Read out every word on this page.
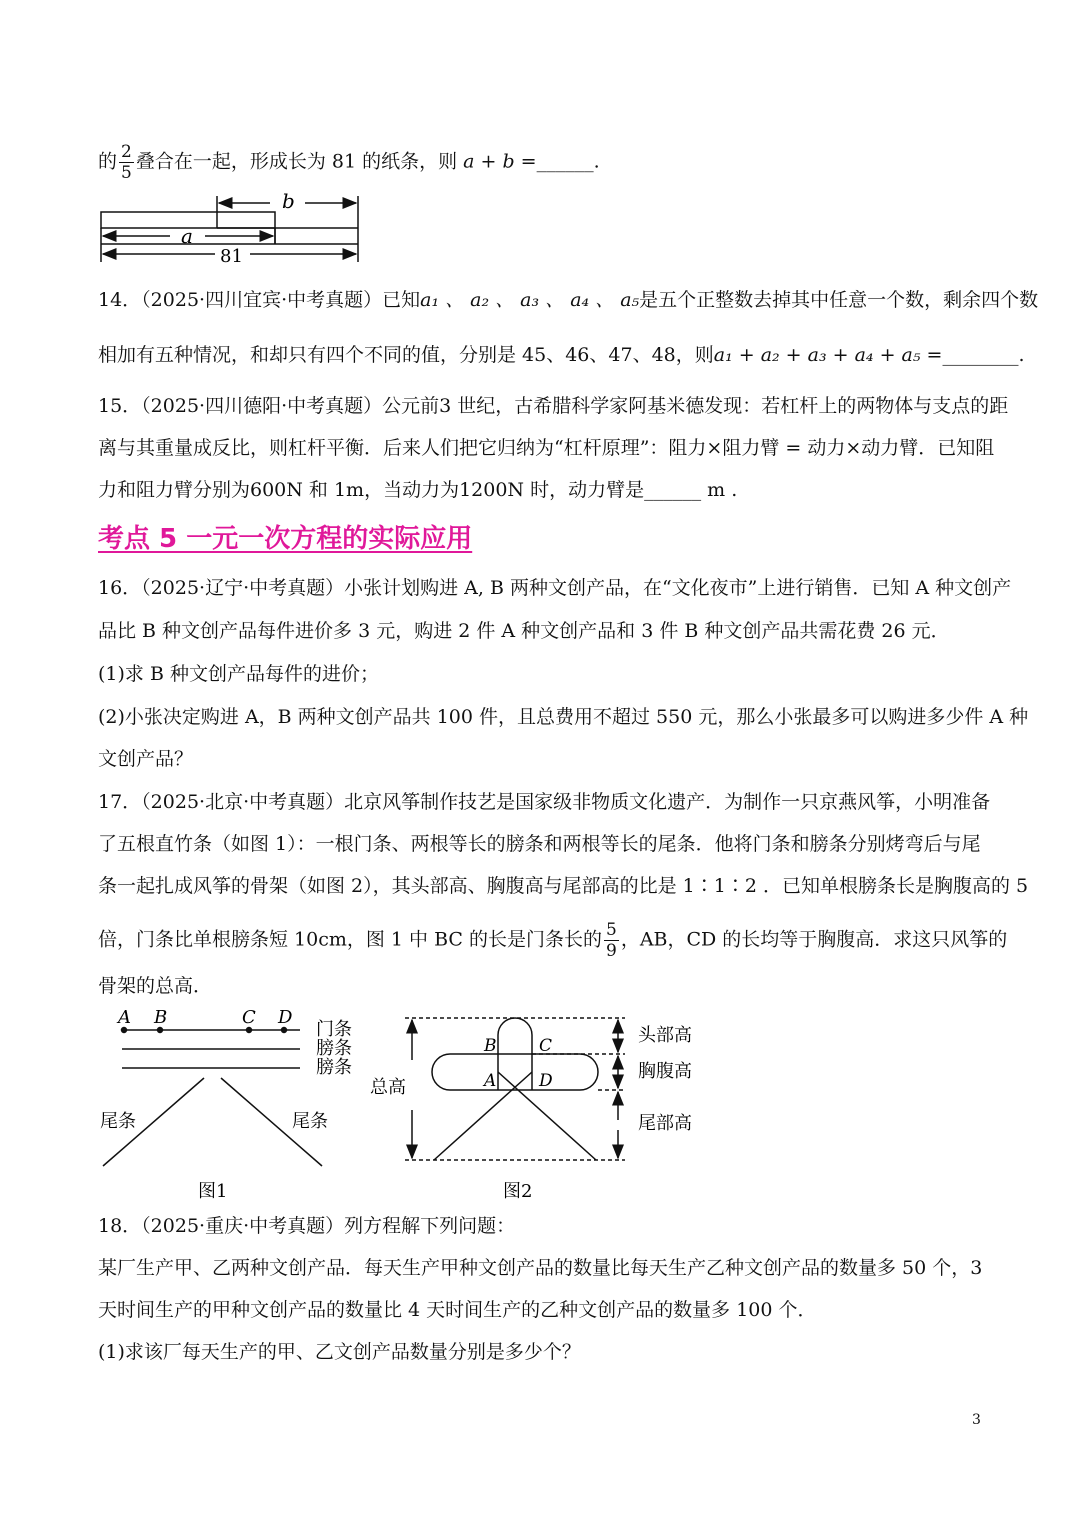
的 $\frac{2}{5}$ 叠合在一起，形成长为 81 的纸条，则 a + b =______.
b
a
81
14．（2025·四川宜宾·中考真题）已知a₁ 、 a₂ 、 a₃ 、 a₄ 、 a₅是五个正整数去掉其中任意一个数，剩余四个数
相加有五种情况，和却只有四个不同的值，分别是 45、46、47、48，则a₁ + a₂ + a₃ + a₄ + a₅ =________.
15．（2025·四川德阳·中考真题）公元前3 世纪，古希腊科学家阿基米德发现：若杠杆上的两物体与支点的距
离与其重量成反比，则杠杆平衡．后来人们把它归纳为“杠杆原理”：阻力×阻力臂 = 动力×动力臂．已知阻
力和阻力臂分别为600N 和 1m，当动力为1200N 时，动力臂是______ m .
考点 5 一元一次方程的实际应用
16．（2025·辽宁·中考真题）小张计划购进 A, B 两种文创产品，在“文化夜市”上进行销售．已知 A 种文创产
品比 B 种文创产品每件进价多 3 元，购进 2 件 A 种文创产品和 3 件 B 种文创产品共需花费 26 元．
(1)求 B 种文创产品每件的进价；
(2)小张决定购进 A，B 两种文创产品共 100 件，且总费用不超过 550 元，那么小张最多可以购进多少件 A 种
文创产品？
17．（2025·北京·中考真题）北京风筝制作技艺是国家级非物质文化遗产．为制作一只京燕风筝，小明准备
了五根直竹条（如图 1）：一根门条、两根等长的膀条和两根等长的尾条．他将门条和膀条分别烤弯后与尾
条一起扎成风筝的骨架（如图 2），其头部高、胸腹高与尾部高的比是 1∶1∶2 ．已知单根膀条长是胸腹高的 5
倍，门条比单根膀条短 10cm，图 1 中 BC 的长是门条长的 $\frac{5}{9}$ ，AB，CD 的长均等于胸腹高．求这只风筝的
骨架的总高．
A B	C D
门条
膀条
膀条
尾条	尾条
图1
B	C
A	D
总高
头部高
胸腹高
尾部高
图2
18．（2025·重庆·中考真题）列方程解下列问题：
某厂生产甲、乙两种文创产品．每天生产甲种文创产品的数量比每天生产乙种文创产品的数量多 50 个，3
天时间生产的甲种文创产品的数量比 4 天时间生产的乙种文创产品的数量多 100 个．
(1)求该厂每天生产的甲、乙文创产品数量分别是多少个？
3
